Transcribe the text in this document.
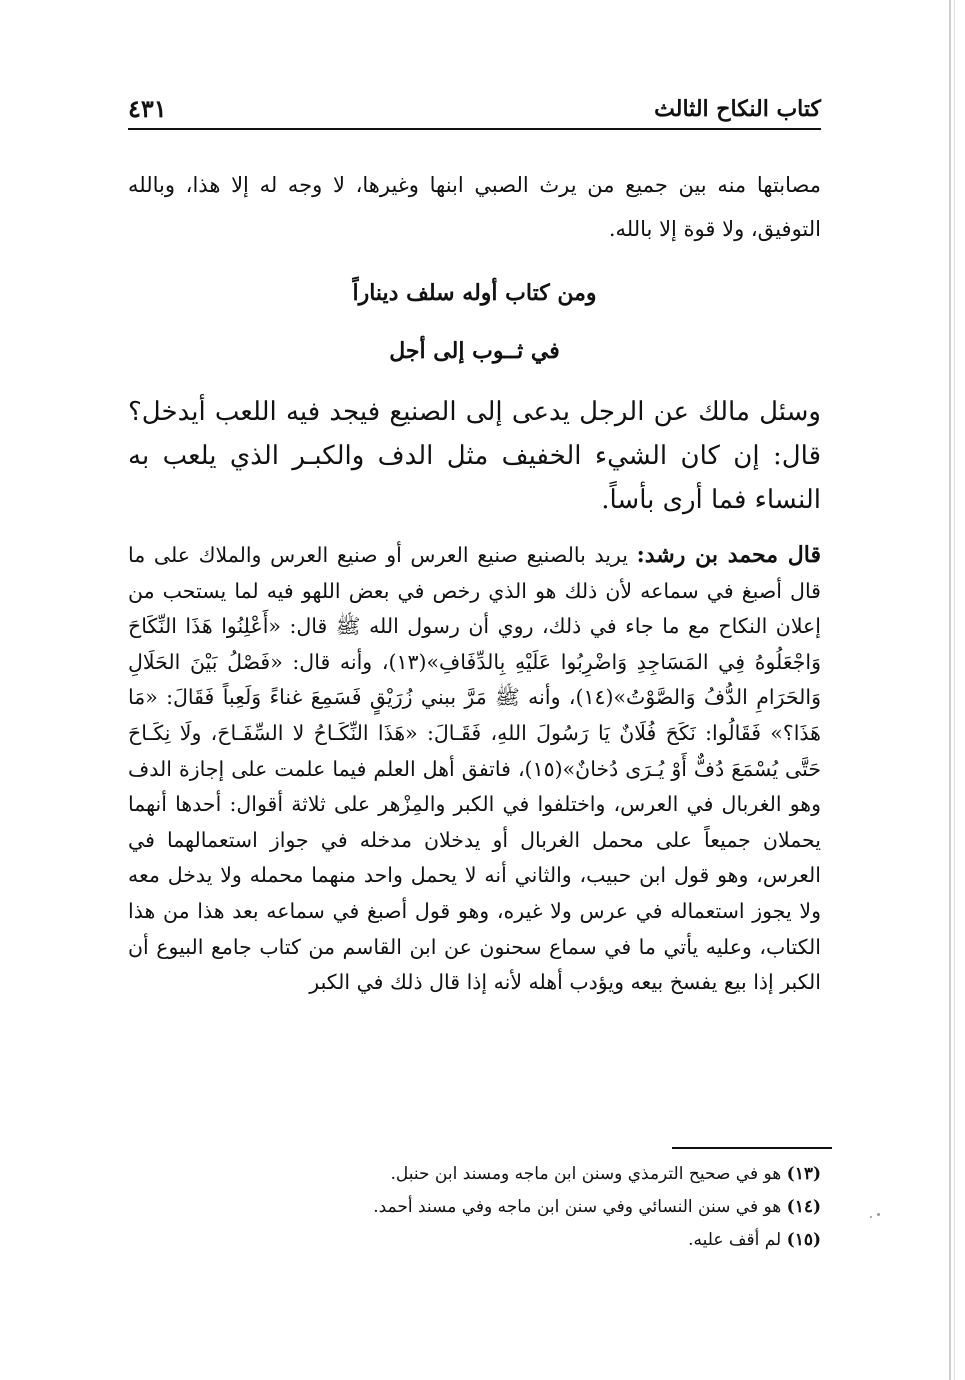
كتاب النكاح الثالث
٤٣١
مصابتها منه بين جميع من يرث الصبي ابنها وغيرها، لا وجه له إلا هذا، وبالله التوفيق، ولا قوة إلا بالله.
ومن كتاب أوله سلف ديناراً
في ثــوب إلى أجل
وسئل مالك عن الرجل يدعى إلى الصنيع فيجد فيه اللعب أيدخل؟ قال: إن كان الشيء الخفيف مثل الدف والكبـر الذي يلعب به النساء فما أرى بأساً.
قال محمد بن رشد: يريد بالصنيع صنيع العرس أو صنيع العرس والملاك على ما قال أصبغ في سماعه لأن ذلك هو الذي رخص في بعض اللهو فيه لما يستحب من إعلان النكاح مع ما جاء في ذلك، روي أن رسول الله ﷺ قال: «أَعْلِنُوا هَذَا النِّكَاحَ وَاجْعَلُوهُ فِي المَسَاجِدِ وَاضْرِبُوا عَلَيْهِ بِالدِّفَافِ»(١٣)، وأنه قال: «فَصْلُ بَيْنَ الحَلَالِ وَالحَرَامِ الدُّفُ وَالصَّوْتُ»(١٤)، وأنه ﷺ مَرَّ ببني زُرَيْقٍ فَسَمِعَ غناءً وَلَعِباً فَقَالَ: «مَا هَذَا؟» فَقَالُوا: نَكَحَ فُلَانٌ يَا رَسُولَ اللهِ، فَقَـالَ: «هَذَا النِّكَـاحُ لا السِّفَـاحَ، ولَا نِكَـاحَ حَتَّى يُسْمَعَ دُفٌّ أَوْ يُـرَى دُخانٌ»(١٥)، فاتفق أهل العلم فيما علمت على إجازة الدف وهو الغربال في العرس، واختلفوا في الكبر والمِزْهر على ثلاثة أقوال: أحدها أنهما يحملان جميعاً على محمل الغربال أو يدخلان مدخله في جواز استعمالهما في العرس، وهو قول ابن حبيب، والثاني أنه لا يحمل واحد منهما محمله ولا يدخل معه ولا يجوز استعماله في عرس ولا غيره، وهو قول أصبغ في سماعه بعد هذا من هذا الكتاب، وعليه يأتي ما في سماع سحنون عن ابن القاسم من كتاب جامع البيوع أن الكبر إذا بيع يفسخ بيعه ويؤدب أهله لأنه إذا قال ذلك في الكبر
(١٣) هو في صحيح الترمذي وسنن ابن ماجه ومسند ابن حنبل.
(١٤) هو في سنن النسائي وفي سنن ابن ماجه وفي مسند أحمد.
(١٥) لم أقف عليه.
